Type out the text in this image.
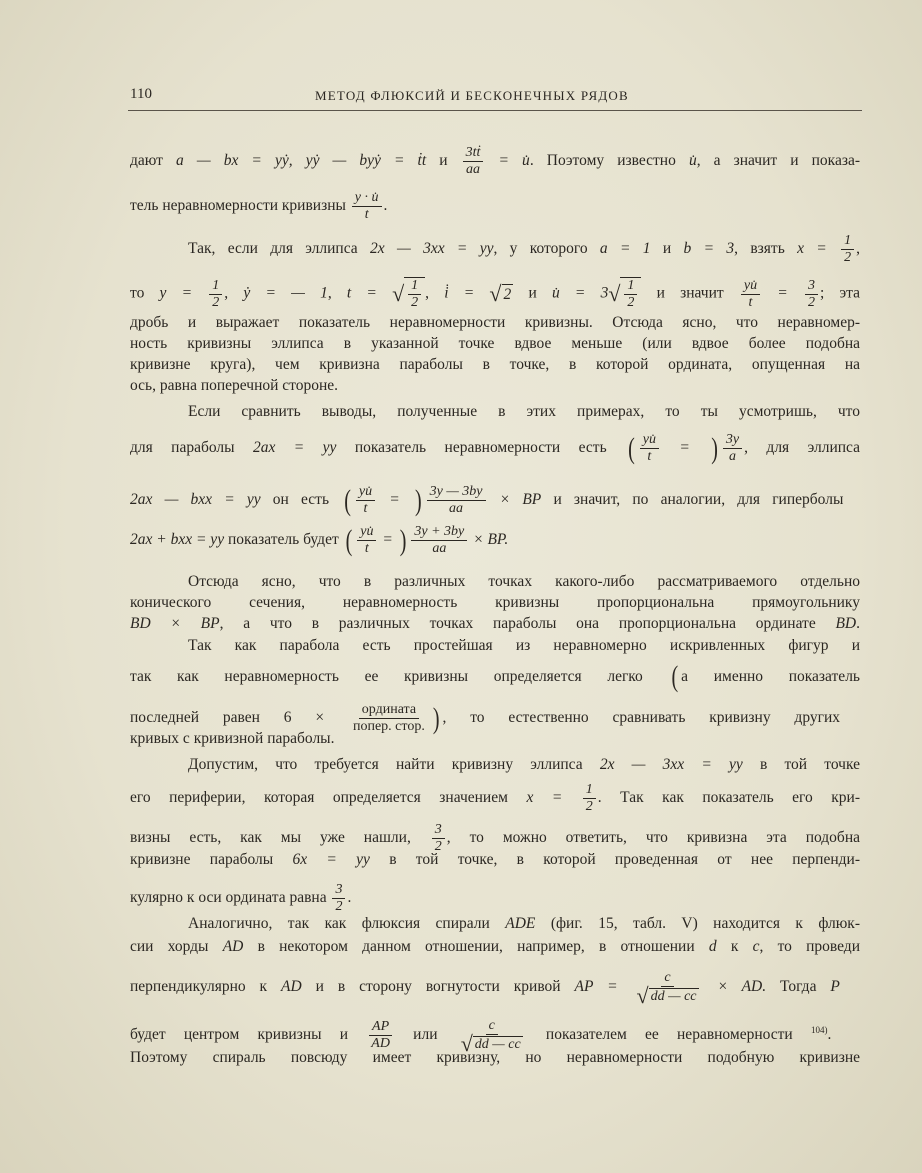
110	МЕТОД ФЛЮКСИЙ И БЕСКОНЕЧНЫХ РЯДОВ
дают a — bx = yẏ, yẏ — byẏ = ṫt и $\frac{\text{3tṫ}}{aa}$ = u̇. Поэтому известно u̇, а значит и показа-
тель неравномерности кривизны $\frac{y \cdot u̇}{t}$ .
Так, если для эллипса 2x — 3xx = yy, у которого a = 1 и b = 3, взять $x = \frac{1}{2}$ ,
то $y = \frac{1}{2}$ , ẏ = — 1, t = √ $\frac{1}{2}$ , i̇ = √ 2 и u̇ = 3 √ $\frac{1}{2}$ и значит $\frac{yu̇}{t} = \frac{3}{2}$ ; эта
дробь и выражает показатель неравномерности кривизны. Отсюда ясно, что неравномер-
ность кривизны эллипса в указанной точке вдвое меньше (или вдвое более подобна
кривизне круга), чем кривизна параболы в точке, в которой ордината, опущенная на
ось, равна поперечной стороне.
Если сравнить выводы, полученные в этих примерах, то ты усмотришь, что
для параболы 2ax = yy показатель неравномерности есть ( $\frac{yu̇}{t}$ = ) $\frac{3y}{a}$ , для эллипса
2ax — bxx = yy он есть ( $\frac{yu̇}{t}$ = ) $\frac{3y — 3by}{aa}$ × BP и значит, по аналогии, для гиперболы
2ax + bxx = yy показатель будет ( $\frac{yu̇}{t}$ = ) $\frac{3y + 3by}{aa}$ × BP.
Отсюда ясно, что в различных точках какого-либо рассматриваемого отдельно
конического сечения, неравномерность кривизны пропорциональна прямоугольнику
BD × BP, а что в различных точках параболы она пропорциональна ординате BD.
Так как парабола есть простейшая из неравномерно искривленных фигур и
так как неравномерность ее кривизны определяется легко ( а именно показатель
последней равен $6 \times \frac{\text{ордината}}{\text{попер. стор.}}$ ) , то естественно сравнивать кривизну других
кривых с кривизной параболы.
Допустим, что требуется найти кривизну эллипса 2x — 3xx = yy в той точке
его периферии, которая определяется значением $x = \frac{1}{2}$ . Так как показатель его кри-
визны есть, как мы уже нашли, $\frac{3}{2}$ , то можно ответить, что кривизна эта подобна
кривизне параболы 6x = yy в той точке, в которой проведенная от нее перпенди-
кулярно к оси ордината равна $\frac{3}{2}$ .
Аналогично, так как флюксия спирали ADE (фиг. 15, табл. V) находится к флюк-
сии хорды AD в некотором данном отношении, например, в отношении d к c, то проведи
перпендикулярно к AD и в сторону вогнутости кривой AP = $\frac{c}{√ dd — cc}$ × AD. Тогда P
будет центром кривизны и $\frac{AP}{AD}$ или $\frac{c}{√ dd — cc}$ показателем ее неравномерности $^{104)}$.
Поэтому спираль повсюду имеет кривизну, но неравномерности подобную кривизне
